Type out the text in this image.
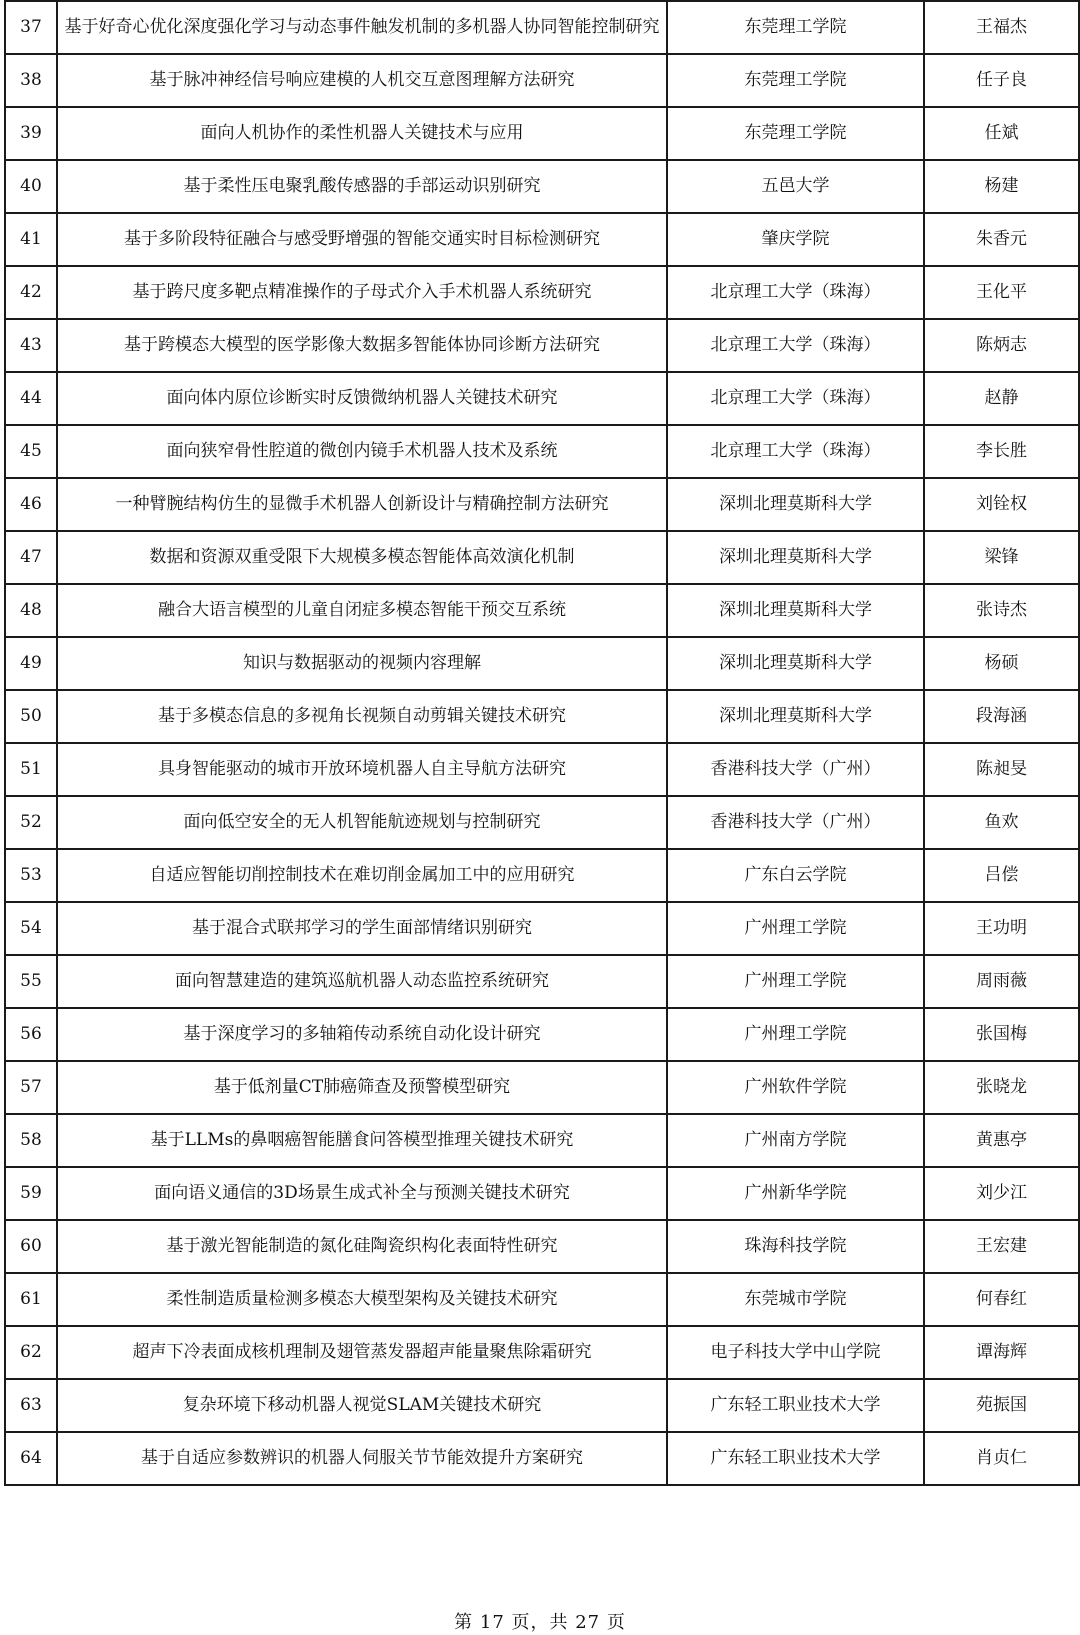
37	基于好奇心优化深度强化学习与动态事件触发机制的多机器人协同智能控制研究	东莞理工学院	王福杰
38	基于脉冲神经信号响应建模的人机交互意图理解方法研究	东莞理工学院	任子良
39	面向人机协作的柔性机器人关键技术与应用	东莞理工学院	任斌
40	基于柔性压电聚乳酸传感器的手部运动识别研究	五邑大学	杨建
41	基于多阶段特征融合与感受野增强的智能交通实时目标检测研究	肇庆学院	朱香元
42	基于跨尺度多靶点精准操作的子母式介入手术机器人系统研究	北京理工大学（珠海）	王化平
43	基于跨模态大模型的医学影像大数据多智能体协同诊断方法研究	北京理工大学（珠海）	陈炳志
44	面向体内原位诊断实时反馈微纳机器人关键技术研究	北京理工大学（珠海）	赵静
45	面向狭窄骨性腔道的微创内镜手术机器人技术及系统	北京理工大学（珠海）	李长胜
46	一种臂腕结构仿生的显微手术机器人创新设计与精确控制方法研究	深圳北理莫斯科大学	刘铨权
47	数据和资源双重受限下大规模多模态智能体高效演化机制	深圳北理莫斯科大学	梁锋
48	融合大语言模型的儿童自闭症多模态智能干预交互系统	深圳北理莫斯科大学	张诗杰
49	知识与数据驱动的视频内容理解	深圳北理莫斯科大学	杨硕
50	基于多模态信息的多视角长视频自动剪辑关键技术研究	深圳北理莫斯科大学	段海涵
51	具身智能驱动的城市开放环境机器人自主导航方法研究	香港科技大学（广州）	陈昶旻
52	面向低空安全的无人机智能航迹规划与控制研究	香港科技大学（广州）	鱼欢
53	自适应智能切削控制技术在难切削金属加工中的应用研究	广东白云学院	吕偿
54	基于混合式联邦学习的学生面部情绪识别研究	广州理工学院	王功明
55	面向智慧建造的建筑巡航机器人动态监控系统研究	广州理工学院	周雨薇
56	基于深度学习的多轴箱传动系统自动化设计研究	广州理工学院	张国梅
57	基于低剂量CT肺癌筛查及预警模型研究	广州软件学院	张晓龙
58	基于LLMs的鼻咽癌智能膳食问答模型推理关键技术研究	广州南方学院	黄惠亭
59	面向语义通信的3D场景生成式补全与预测关键技术研究	广州新华学院	刘少江
60	基于激光智能制造的氮化硅陶瓷织构化表面特性研究	珠海科技学院	王宏建
61	柔性制造质量检测多模态大模型架构及关键技术研究	东莞城市学院	何春红
62	超声下冷表面成核机理制及翅管蒸发器超声能量聚焦除霜研究	电子科技大学中山学院	谭海辉
63	复杂环境下移动机器人视觉SLAM关键技术研究	广东轻工职业技术大学	苑振国
64	基于自适应参数辨识的机器人伺服关节节能效提升方案研究	广东轻工职业技术大学	肖贞仁
第 17 页，共 27 页
